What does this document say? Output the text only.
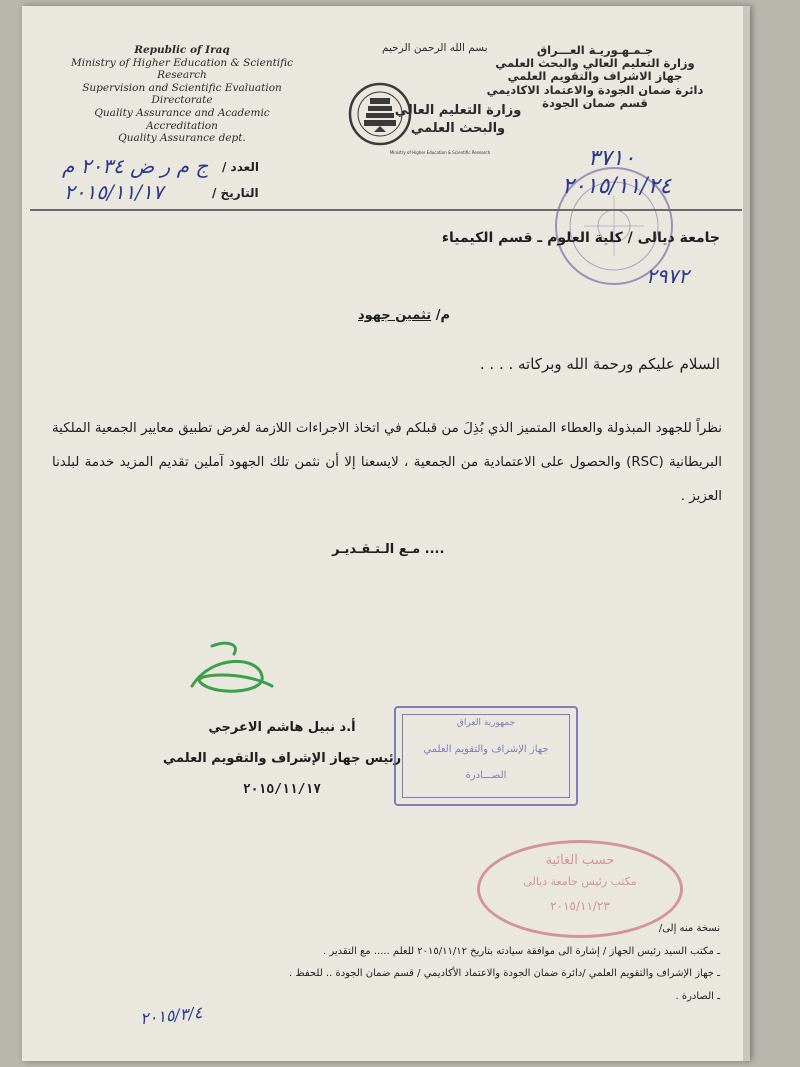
Republic of Iraq
Ministry of Higher Education & Scientific Research
Supervision and Scientific Evaluation Directorate
Quality Assurance and Academic Accreditation
Quality Assurance dept.
بسم الله الرحمن الرحيم	جـمـهـوريـة العـــراق
وزارة التعليم العالي والبحث العلمي
جهاز الاشراف والتقويم العلمي
دائرة ضمان الجودة والاعتماد الاكاديمي
قسم ضمان الجودة
وزارة التعليم العالي
والبحث العلمي
Ministry of Higher Education & Scientific Research
العدد /
التاريخ /
ج م ر ض ٢٠٣٤ م
٢٠١٥/١١/١٧
٣٧١٠
٢٠١٥/١١/٢٤
٢٩٧٢
جامعة ديالى / كلية العلوم ـ قسم الكيمياء
م/ تثمين جهود
السلام عليكم ورحمة الله وبركاته . . . .
نظراً للجهود المبذولة والعطاء المتميز الذي بُذِلَ من قبلكم في اتخاذ الاجراءات اللازمة لغرض تطبيق معايير الجمعية الملكية البريطانية (RSC) والحصول على الاعتمادية من الجمعية ، لايسعنا إلا أن نثمن تلك الجهود آملين تقديم المزيد خدمة لبلدنا العزيز .
.... مـع الـتـقـديـر
أ.د نبيل هاشم الاعرجي
رئيس جهاز الإشراف والتقويم العلمي
٢٠١٥/١١/١٧
جمهورية العراق
جهاز الإشراف والتقويم العلمي
الصـــادرة
حسب الغائية
مكتب رئيس جامعة ديالى
٢٠١٥/١١/٢٣
نسخة منه إلى/
ـ مكتب السيد رئيس الجهاز / إشارة الى موافقة سيادته بتاريخ ٢٠١٥/١١/١٢ للعلم ..... مع التقدير .
ـ جهاز الإشراف والتقويم العلمي /دائرة ضمان الجودة والاعتماد الأكاديمي / قسم ضمان الجودة .. للحفظ .
ـ الصادرة .
٢٠١٥/٣/٤
